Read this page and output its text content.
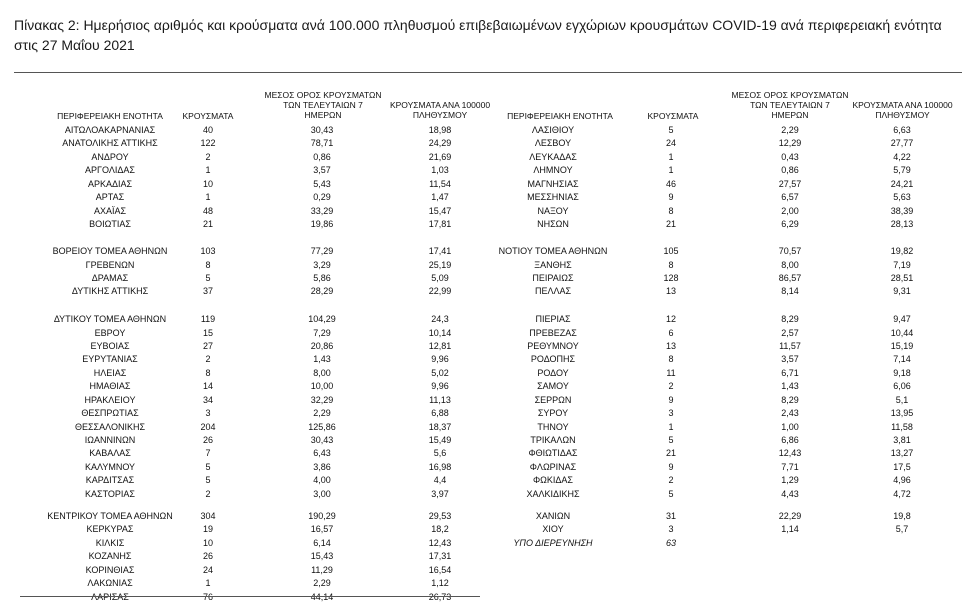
Πίνακας 2: Ημερήσιος αριθμός και κρούσματα ανά 100.000 πληθυσμού επιβεβαιωμένων εγχώριων κρουσμάτων COVID-19 ανά περιφερειακή ενότητα στις 27 Μαΐου 2021
ΠΕΡΙΦΕΡΕΙΑΚΗ ΕΝΟΤΗΤΑ	ΚΡΟΥΣΜΑΤΑ
ΜΕΣΟΣ ΟΡΟΣ ΚΡΟΥΣΜΑΤΩΝ
ΤΩΝ ΤΕΛΕΥΤΑΙΩΝ 7
ΗΜΕΡΩΝ
ΚΡΟΥΣΜΑΤΑ ΑΝΑ 100000
ΠΛΗΘΥΣΜΟΥ	ΠΕΡΙΦΕΡΕΙΑΚΗ ΕΝΟΤΗΤΑ	ΚΡΟΥΣΜΑΤΑ
ΜΕΣΟΣ ΟΡΟΣ ΚΡΟΥΣΜΑΤΩΝ
ΤΩΝ ΤΕΛΕΥΤΑΙΩΝ 7
ΗΜΕΡΩΝ
ΚΡΟΥΣΜΑΤΑ ΑΝΑ 100000
ΠΛΗΘΥΣΜΟΥ
ΑΙΤΩΛΟΑΚΑΡΝΑΝΙΑΣ	40	30,43	18,98
ΑΝΑΤΟΛΙΚΗΣ ΑΤΤΙΚΗΣ	122	78,71	24,29
ΑΝΔΡΟΥ	2	0,86	21,69
ΑΡΓΟΛΙΔΑΣ	1	3,57	1,03
ΑΡΚΑΔΙΑΣ	10	5,43	11,54
ΑΡΤΑΣ	1	0,29	1,47
ΑΧΑΪΑΣ	48	33,29	15,47
ΒΟΙΩΤΙΑΣ	21	19,86	17,81
ΒΟΡΕΙΟΥ ΤΟΜΕΑ ΑΘΗΝΩΝ	103	77,29	17,41
ΓΡΕΒΕΝΩΝ	8	3,29	25,19
ΔΡΑΜΑΣ	5	5,86	5,09
ΔΥΤΙΚΗΣ ΑΤΤΙΚΗΣ	37	28,29	22,99
ΔΥΤΙΚΟΥ ΤΟΜΕΑ ΑΘΗΝΩΝ	119	104,29	24,3
ΕΒΡΟΥ	15	7,29	10,14
ΕΥΒΟΙΑΣ	27	20,86	12,81
ΕΥΡΥΤΑΝΙΑΣ	2	1,43	9,96
ΗΛΕΙΑΣ	8	8,00	5,02
ΗΜΑΘΙΑΣ	14	10,00	9,96
ΗΡΑΚΛΕΙΟΥ	34	32,29	11,13
ΘΕΣΠΡΩΤΙΑΣ	3	2,29	6,88
ΘΕΣΣΑΛΟΝΙΚΗΣ	204	125,86	18,37
ΙΩΑΝΝΙΝΩΝ	26	30,43	15,49
ΚΑΒΑΛΑΣ	7	6,43	5,6
ΚΑΛΥΜΝΟΥ	5	3,86	16,98
ΚΑΡΔΙΤΣΑΣ	5	4,00	4,4
ΚΑΣΤΟΡΙΑΣ	2	3,00	3,97
ΚΕΝΤΡΙΚΟΥ ΤΟΜΕΑ ΑΘΗΝΩΝ	304	190,29	29,53
ΚΕΡΚΥΡΑΣ	19	16,57	18,2
ΚΙΛΚΙΣ	10	6,14	12,43
ΚΟΖΑΝΗΣ	26	15,43	17,31
ΚΟΡΙΝΘΙΑΣ	24	11,29	16,54
ΛΑΚΩΝΙΑΣ	1	2,29	1,12
ΛΑΡΙΣΑΣ	76	44,14	26,73
ΛΑΣΙΘΙΟΥ	5	2,29	6,63
ΛΕΣΒΟΥ	24	12,29	27,77
ΛΕΥΚΑΔΑΣ	1	0,43	4,22
ΛΗΜΝΟΥ	1	0,86	5,79
ΜΑΓΝΗΣΙΑΣ	46	27,57	24,21
ΜΕΣΣΗΝΙΑΣ	9	6,57	5,63
ΝΑΞΟΥ	8	2,00	38,39
ΝΗΣΩΝ	21	6,29	28,13
ΝΟΤΙΟΥ ΤΟΜΕΑ ΑΘΗΝΩΝ	105	70,57	19,82
ΞΑΝΘΗΣ	8	8,00	7,19
ΠΕΙΡΑΙΩΣ	128	86,57	28,51
ΠΕΛΛΑΣ	13	8,14	9,31
ΠΙΕΡΙΑΣ	12	8,29	9,47
ΠΡΕΒΕΖΑΣ	6	2,57	10,44
ΡΕΘΥΜΝΟΥ	13	11,57	15,19
ΡΟΔΟΠΗΣ	8	3,57	7,14
ΡΟΔΟΥ	11	6,71	9,18
ΣΑΜΟΥ	2	1,43	6,06
ΣΕΡΡΩΝ	9	8,29	5,1
ΣΥΡΟΥ	3	2,43	13,95
ΤΗΝΟΥ	1	1,00	11,58
ΤΡΙΚΑΛΩΝ	5	6,86	3,81
ΦΘΙΩΤΙΔΑΣ	21	12,43	13,27
ΦΛΩΡΙΝΑΣ	9	7,71	17,5
ΦΩΚΙΔΑΣ	2	1,29	4,96
ΧΑΛΚΙΔΙΚΗΣ	5	4,43	4,72
ΧΑΝΙΩΝ	31	22,29	19,8
ΧΙΟΥ	3	1,14	5,7
ΥΠΟ ΔΙΕΡΕΥΝΗΣΗ	63
